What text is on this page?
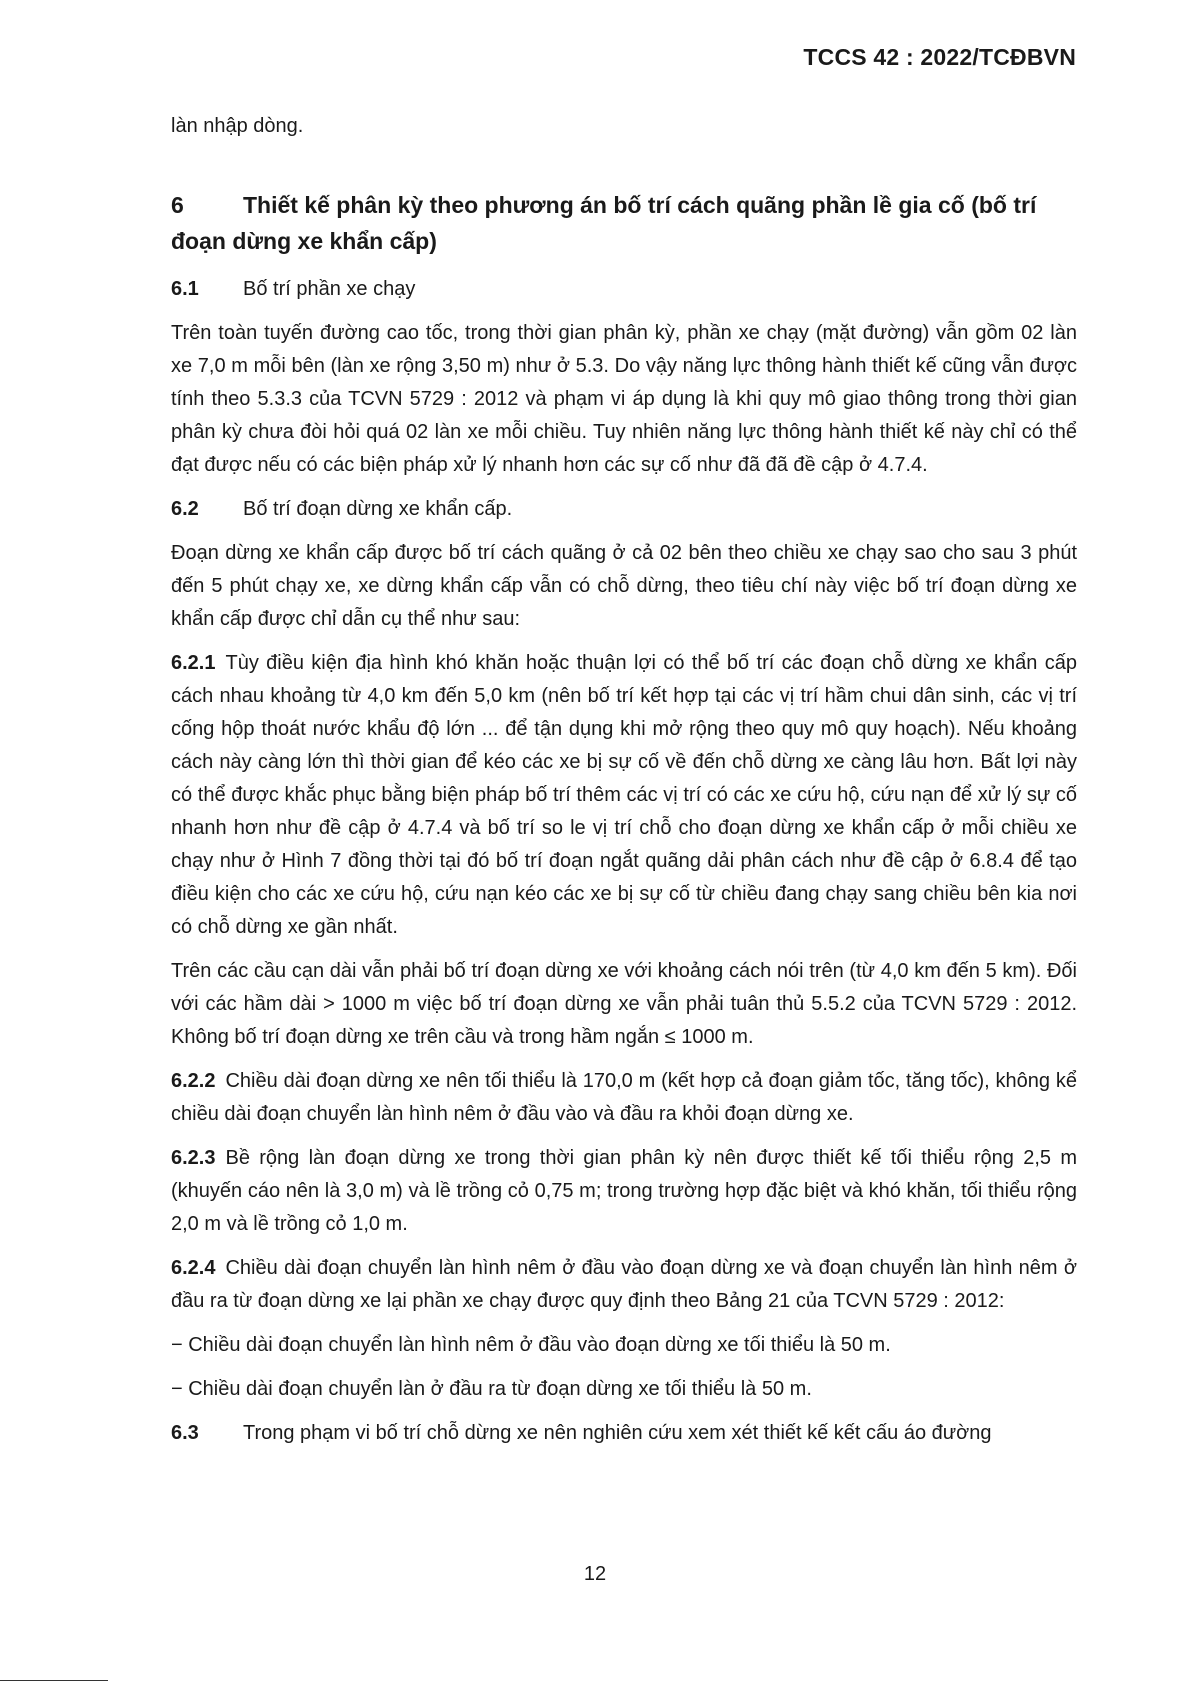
TCCS 42 : 2022/TCĐBVN

làn nhập dòng.

6	Thiết kế phân kỳ theo phương án bố trí cách quãng phần lề gia cố (bố trí đoạn dừng xe khẩn cấp)
6.1 Bố trí phần xe chạy

Trên toàn tuyến đường cao tốc, trong thời gian phân kỳ, phần xe chạy (mặt đường) vẫn gồm 02 làn xe 7,0 m mỗi bên (làn xe rộng 3,50 m) như ở 5.3. Do vậy năng lực thông hành thiết kế cũng vẫn được tính theo 5.3.3 của TCVN 5729 : 2012 và phạm vi áp dụng là khi quy mô giao thông trong thời gian phân kỳ chưa đòi hỏi quá 02 làn xe mỗi chiều. Tuy nhiên năng lực thông hành thiết kế này chỉ có thể đạt được nếu có các biện pháp xử lý nhanh hơn các sự cố như đã đã đề cập ở 4.7.4.

6.2 Bố trí đoạn dừng xe khẩn cấp.

Đoạn dừng xe khẩn cấp được bố trí cách quãng ở cả 02 bên theo chiều xe chạy sao cho sau 3 phút đến 5 phút chạy xe, xe dừng khẩn cấp vẫn có chỗ dừng, theo tiêu chí này việc bố trí đoạn dừng xe khẩn cấp được chỉ dẫn cụ thể như sau:

6.2.1 Tùy điều kiện địa hình khó khăn hoặc thuận lợi có thể bố trí các đoạn chỗ dừng xe khẩn cấp cách nhau khoảng từ 4,0 km đến 5,0 km (nên bố trí kết hợp tại các vị trí hầm chui dân sinh, các vị trí cống hộp thoát nước khẩu độ lớn ... để tận dụng khi mở rộng theo quy mô quy hoạch). Nếu khoảng cách này càng lớn thì thời gian để kéo các xe bị sự cố về đến chỗ dừng xe càng lâu hơn. Bất lợi này có thể được khắc phục bằng biện pháp bố trí thêm các vị trí có các xe cứu hộ, cứu nạn để xử lý sự cố nhanh hơn như đề cập ở 4.7.4 và bố trí so le vị trí chỗ cho đoạn dừng xe khẩn cấp ở mỗi chiều xe chạy như ở Hình 7 đồng thời tại đó bố trí đoạn ngắt quãng dải phân cách như đề cập ở 6.8.4 để tạo điều kiện cho các xe cứu hộ, cứu nạn kéo các xe bị sự cố từ chiều đang chạy sang chiều bên kia nơi có chỗ dừng xe gần nhất.

Trên các cầu cạn dài vẫn phải bố trí đoạn dừng xe với khoảng cách nói trên (từ 4,0 km đến 5 km). Đối với các hầm dài > 1000 m việc bố trí đoạn dừng xe vẫn phải tuân thủ 5.5.2 của TCVN 5729 : 2012. Không bố trí đoạn dừng xe trên cầu và trong hầm ngắn ≤ 1000 m.

6.2.2 Chiều dài đoạn dừng xe nên tối thiểu là 170,0 m (kết hợp cả đoạn giảm tốc, tăng tốc), không kể chiều dài đoạn chuyển làn hình nêm ở đầu vào và đầu ra khỏi đoạn dừng xe.

6.2.3 Bề rộng làn đoạn dừng xe trong thời gian phân kỳ nên được thiết kế tối thiểu rộng 2,5 m (khuyến cáo nên là 3,0 m) và lề trồng cỏ 0,75 m; trong trường hợp đặc biệt và khó khăn, tối thiểu rộng 2,0 m và lề trồng cỏ 1,0 m.

6.2.4 Chiều dài đoạn chuyển làn hình nêm ở đầu vào đoạn dừng xe và đoạn chuyển làn hình nêm ở đầu ra từ đoạn dừng xe lại phần xe chạy được quy định theo Bảng 21 của TCVN 5729 : 2012:

− Chiều dài đoạn chuyển làn hình nêm ở đầu vào đoạn dừng xe tối thiểu là 50 m.

− Chiều dài đoạn chuyển làn ở đầu ra từ đoạn dừng xe tối thiểu là 50 m.

6.3 Trong phạm vi bố trí chỗ dừng xe nên nghiên cứu xem xét thiết kế kết cấu áo đường
12
